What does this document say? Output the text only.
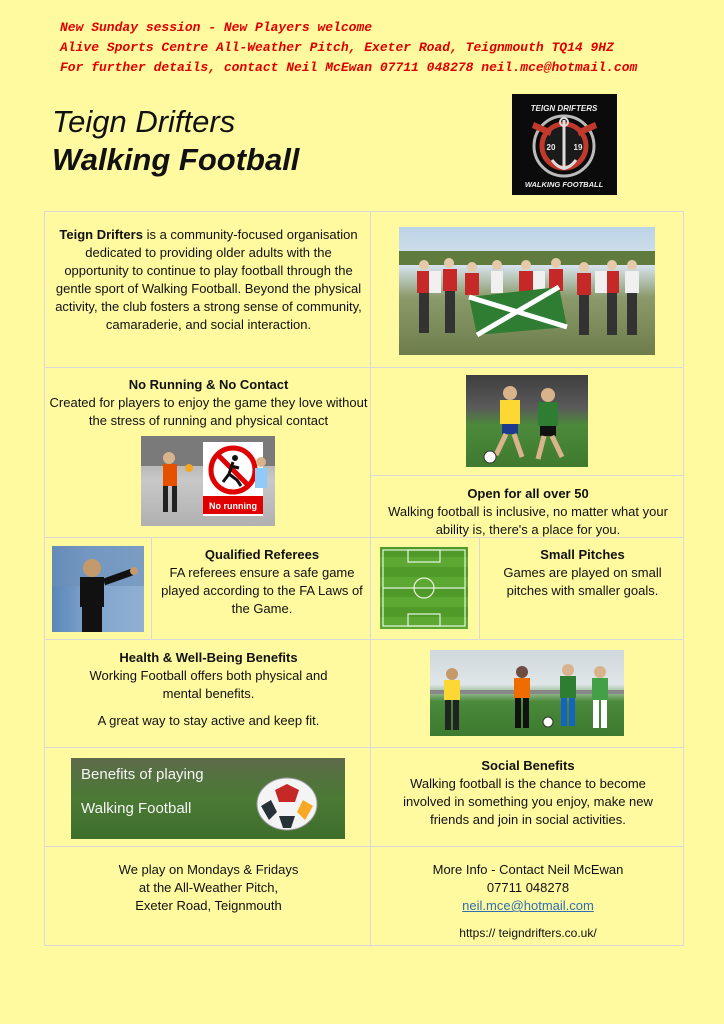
New Sunday session - New Players welcome
Alive Sports Centre All-Weather Pitch, Exeter Road, Teignmouth TQ14 9HZ
For further details, contact Neil McEwan 07711 048278 neil.mce@hotmail.com
Teign Drifters
Walking Football
TEIGN DRIFTERS
20 19
WALKING FOOTBALL
Teign Drifters is a community-focused organisation dedicated to providing older adults with the opportunity to continue to play football through the gentle sport of Walking Football. Beyond the physical activity, the club fosters a strong sense of community, camaraderie, and social interaction.
No Running & No Contact
Created for players to enjoy the game they love without the stress of running and physical contact
No running
Open for all over 50
Walking football is inclusive, no matter what your ability is, there's a place for you.
Qualified Referees
FA referees ensure a safe game played according to the FA Laws of the Game.
Small Pitches
Games are played on small pitches with smaller goals.
Health & Well-Being Benefits
Working Football offers both physical and mental benefits.
A great way to stay active and keep fit.
Benefits of playing
Walking Football
Social Benefits
Walking football is the chance to become involved in something you enjoy, make new friends and join in social activities.
We play on Mondays & Fridays
at the All-Weather Pitch,
Exeter Road, Teignmouth
More Info - Contact Neil McEwan
07711 048278
neil.mce@hotmail.com
https:// teigndrifters.co.uk/
